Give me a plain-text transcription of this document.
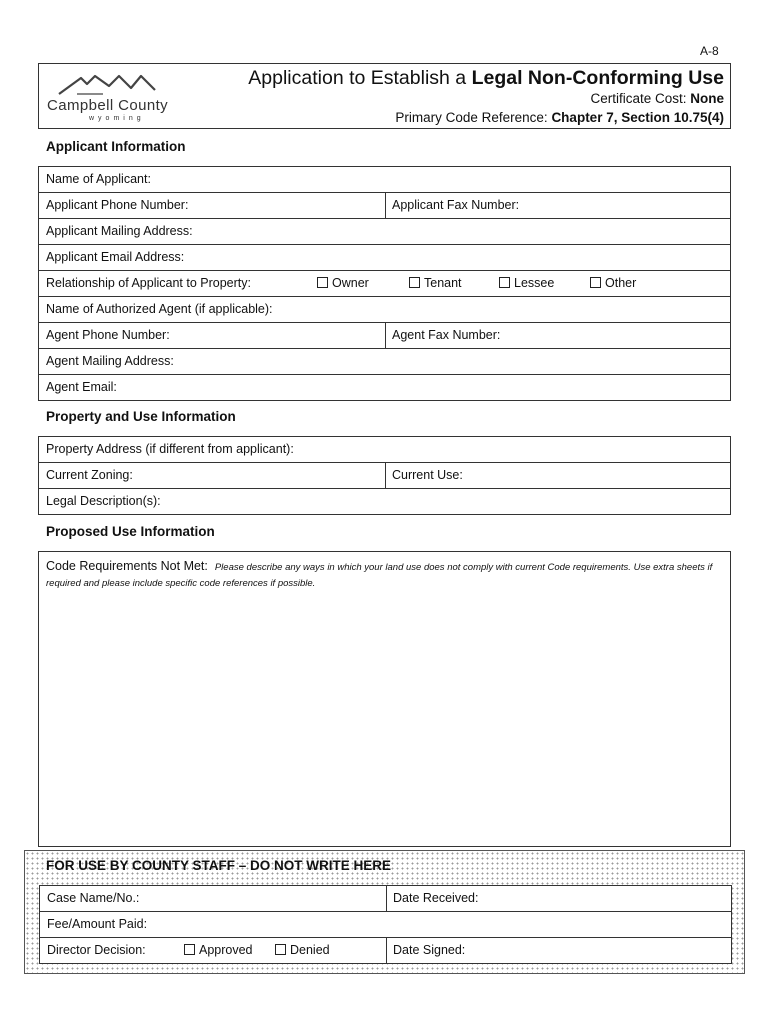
A-8
Campbell County
wyoming
Application to Establish a Legal Non-Conforming Use
Certificate Cost: None
Primary Code Reference: Chapter 7, Section 10.75(4)
Applicant Information
Name of Applicant:
Applicant Phone Number:	Applicant Fax Number:
Applicant Mailing Address:
Applicant Email Address:
Relationship of Applicant to Property:	Owner	Tenant	Lessee	Other
Name of Authorized Agent (if applicable):
Agent Phone Number:	Agent Fax Number:
Agent Mailing Address:
Agent Email:
Property and Use Information
Property Address (if different from applicant):
Current Zoning:	Current Use:
Legal Description(s):
Proposed Use Information
Code Requirements Not Met: Please describe any ways in which your land use does not comply with current Code requirements. Use extra sheets if required and please include specific code references if possible.
FOR USE BY COUNTY STAFF – DO NOT WRITE HERE
Case Name/No.:	Date Received:
Fee/Amount Paid:
Director Decision:	Approved	Denied	Date Signed:
